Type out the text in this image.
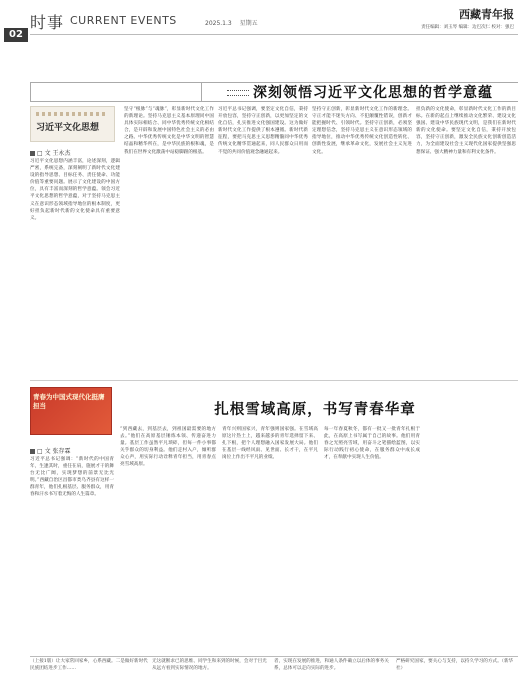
02
时事 CURRENT EVENTS	2025.1.3 星期五
西藏青年报
责任编辑：刘玉琴 编辑：边巴次仁 校对：强巴
深刻领悟习近平文化思想的哲学意蕴
习近平文化思想
□ 文 王永杰
习近平文化思想内涵丰富，论述深刻，逻辑严密，系统完备，深刻阐明了新时代文化建设的指导思想、目标任务、责任使命、功能价值等重要问题。展示了文化建设的中国方位，具有丰富而深刻的哲学意蕴。领会习近平文化思想的哲学意蕴，对于坚持马克思主义在意识形态领域指导地位的根本制度，更好担负起新时代新的文化使命具有重要意义。
坚守“根脉”与“魂脉”，彰显新时代文化工作的新理论。坚持马克思主义基本原理同中国具体实际相结合、同中华优秀传统文化相结合，是开辟和发展中国特色社会主义的必由之路。中华优秀传统文化是中华文明的智慧结晶和精华所在，是中华民族的根和魂，是我们在世界文化激荡中站稳脚跟的根基。
习近平总书记强调，要坚定文化自信，秉持开放包容，坚持守正创新，以更加坚定的文化自信，扎实推进文化强国建设。这为做好新时代文化工作提供了根本遵循。新时代新征程，要把马克思主义思想精髓同中华优秀传统文化精华贯通起来，同人民群众日用而不觉的共同价值观念融通起来。
坚持守正创新，彰显新时代文化工作的新理念。守正才能不迷失方向、不犯颠覆性错误，创新才能把握时代、引领时代。坚持守正创新，必须坚定理想信念，坚持马克思主义在意识形态领域的指导地位，推动中华优秀传统文化创造性转化、创新性发展，继承革命文化，发展社会主义先进文化。
担负新的文化使命，彰显新时代文化工作的新目标。在新的起点上继续推动文化繁荣、建设文化强国、建设中华民族现代文明，是我们在新时代新的文化使命。要坚定文化自信，秉持开放包容，坚持守正创新，激发全民族文化创新创造活力，为全面建设社会主义现代化国家提供坚强思想保证、强大精神力量和有利文化条件。
青春为中国式现代化挺膺担当	扎根雪域高原，书写青春华章
□ 文 张存霖
习近平总书记强调：“新时代的中国青年，生逢其时，重任在肩，施展才干的舞台无比广阔，实现梦想的前景无比光明。”西藏自治区昌都市类乌齐县有这样一群青年，他们扎根基层、服务群众，用青春和汗水书写着无悔的人生篇章。
“到西藏去，到基层去，到祖国最需要的地方去。”他们在高原基层锤炼本领、传递奋进力量。基层工作虽然平凡琐碎，但每一件小事都关乎群众的切身利益。他们走村入户，倾听群众心声，用实际行动诠释青年担当，用青春点亮雪域高原。
青年兴则国家兴，青年强则国家强。在雪域高原这片热土上，越来越多的青年选择留下来、扎下根，把个人理想融入国家发展大局。他们在基层一线经风雨、见世面、长才干，在平凡岗位上作出不平凡的业绩。
每一年春夏秋冬，都有一批又一批青年扎根于此，在高原上书写属于自己的故事。他们用青春之光照亮雪域，用奋斗之笔描绘蓝图，以实际行动践行初心使命，在服务群众中成长成才，在奉献中实现人生价值。
（上接1版）让大家常回家乡，心系西藏。二是做好新时代民族团结进步工作……
无这就断求已的思维、同学生和来到的时候，会对于目光从远方看到实际情况的地方。
者，实现在发展的推进，和通人条件确立以后体的事务关系，总体可以走向实际的进步。
严格研究国家，要关心与支持，以持久学习的方式。（新华社）
